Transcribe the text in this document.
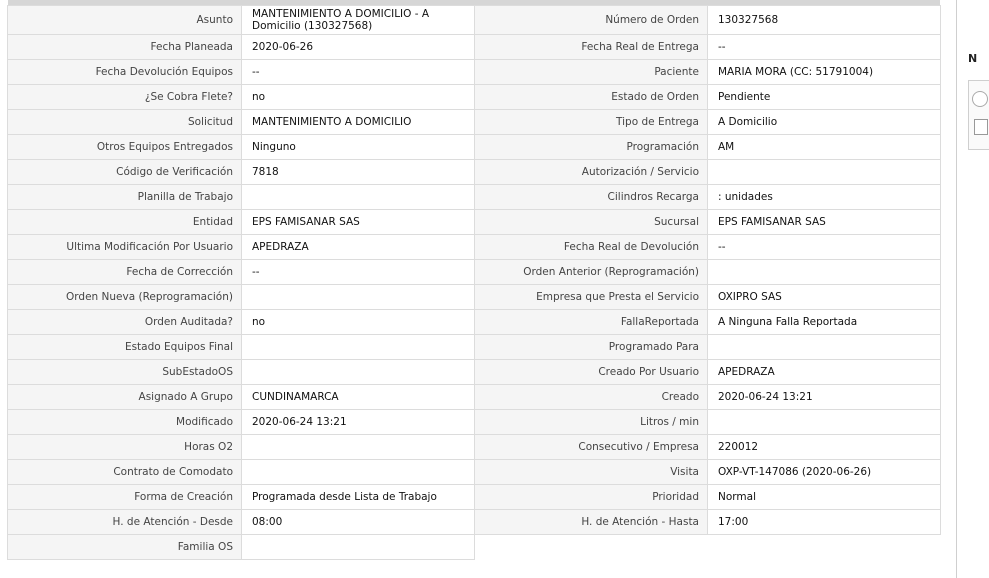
Asunto	MANTENIMIENTO A DOMICILIO - A Domicilio (130327568)
Fecha Planeada	2020-06-26
Fecha Devolución Equipos	--
¿Se Cobra Flete?	no
Solicitud	MANTENIMIENTO A DOMICILIO
Otros Equipos Entregados	Ninguno
Código de Verificación	7818
Planilla de Trabajo	
Entidad	EPS FAMISANAR SAS
Ultima Modificación Por Usuario	APEDRAZA
Fecha de Corrección	--
Orden Nueva (Reprogramación)	
Orden Auditada?	no
Estado Equipos Final	
SubEstadoOS	
Asignado A Grupo	CUNDINAMARCA
Modificado	2020-06-24 13:21
Horas O2	
Contrato de Comodato	
Forma de Creación	Programada desde Lista de Trabajo
H. de Atención - Desde	08:00
Familia OS	
Número de Orden	130327568
Fecha Real de Entrega	--
Paciente	MARIA MORA (CC: 51791004)
Estado de Orden	Pendiente
Tipo de Entrega	A Domicilio
Programación	AM
Autorización / Servicio	
Cilindros Recarga	: unidades
Sucursal	EPS FAMISANAR SAS
Fecha Real de Devolución	--
Orden Anterior (Reprogramación)	
Empresa que Presta el Servicio	OXIPRO SAS
FallaReportada	A Ninguna Falla Reportada
Programado Para	
Creado Por Usuario	APEDRAZA
Creado	2020-06-24 13:21
Litros / min	
Consecutivo / Empresa	220012
Visita	OXP-VT-147086 (2020-06-26)
Prioridad	Normal
H. de Atención - Hasta	17:00
N
